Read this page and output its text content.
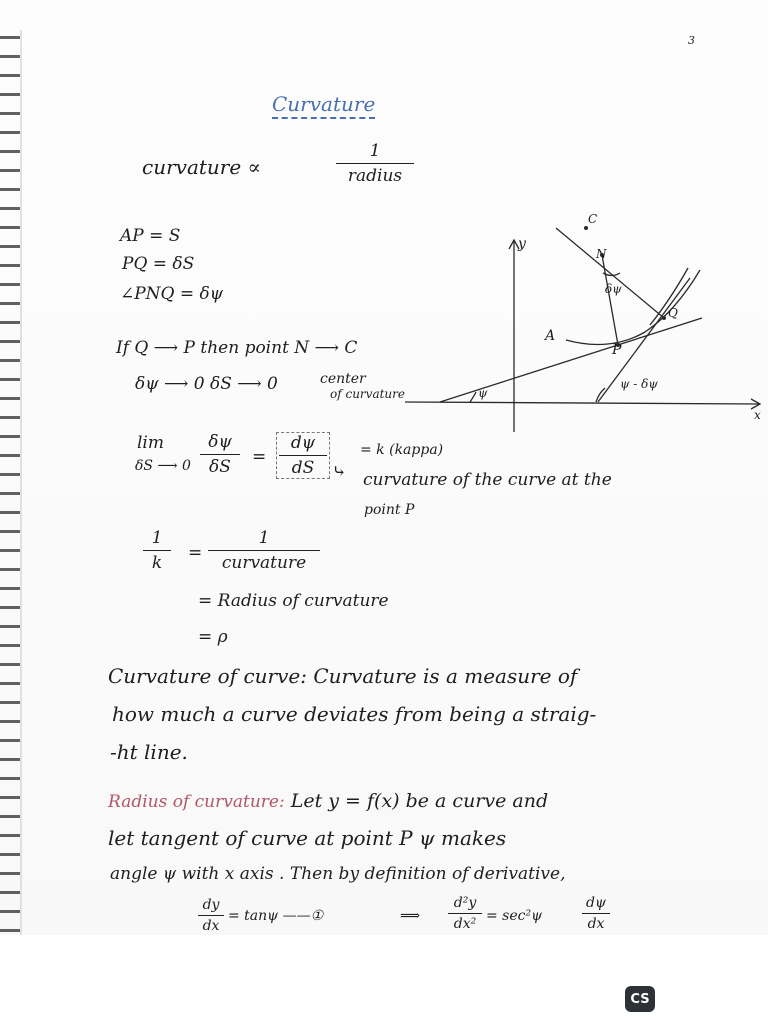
3
Curvature
curvature ∝
1
radius
AP = S
PQ = δS
∠PNQ = δψ
y
x
C
N
A
P
Q
δψ
ψ
ψ - δψ
If Q ⟶ P then point N ⟶ C
δψ ⟶ 0 δS ⟶ 0	center
of curvature
lim
δS ⟶ 0
δψ
δS =
dψ
dS ⤷
= k (kappa)
curvature of the curve at the
point P
1
k =
1
curvature
= Radius of curvature
= ρ
Curvature of curve: Curvature is a measure of
how much a curve deviates from being a straig-
-ht line.
Radius of curvature: Let y = f(x) be a curve and
let tangent of curve at point P ψ makes
angle ψ with x axis . Then by definition of derivative,
dy
dx
= tanψ ——①	⟹
d²y
dx² = sec²ψ
dψ
dx
CS
